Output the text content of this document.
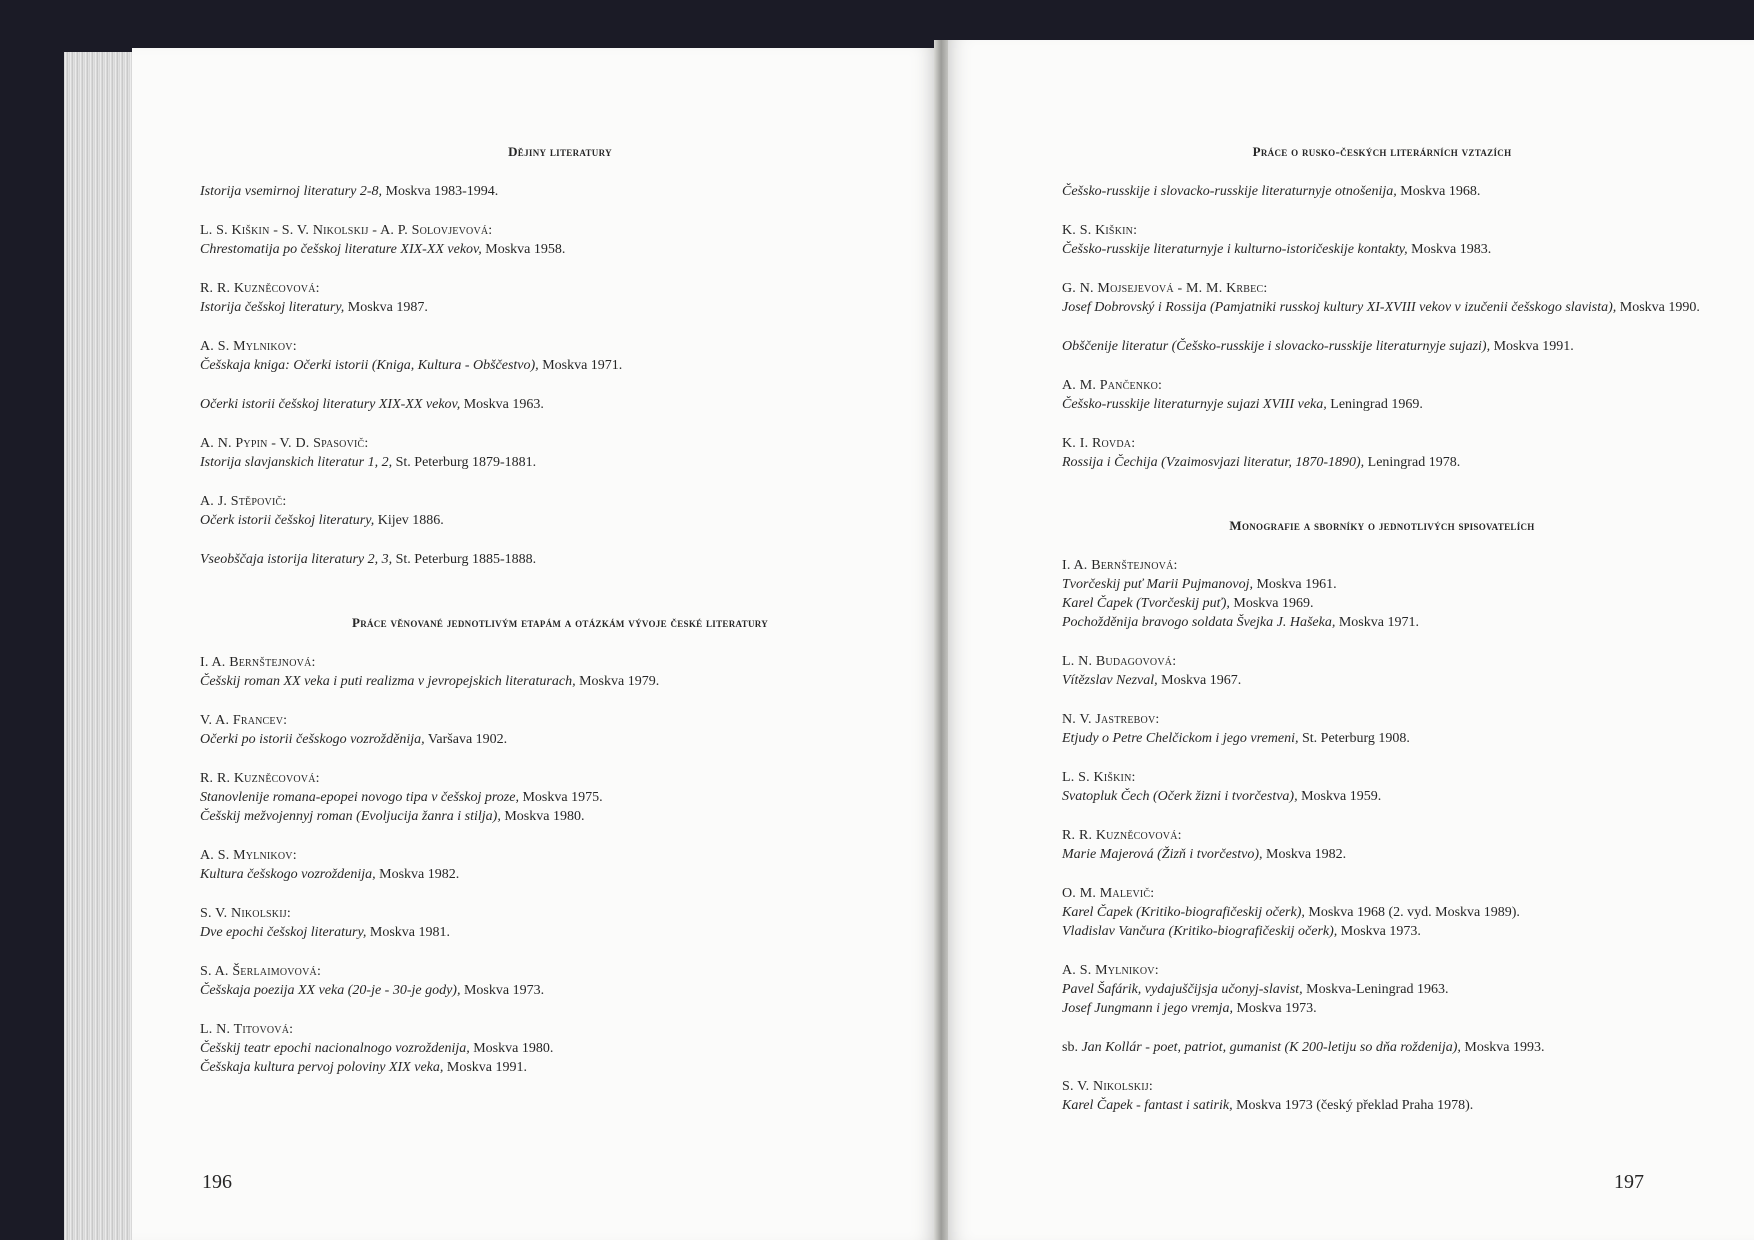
Dějiny literatury
Istorija vsemirnoj literatury 2-8, Moskva 1983-1994.
L. S. Kiškin - S. V. Nikolskij - A. P. Solovjevová:
Chrestomatija po češskoj literature XIX-XX vekov, Moskva 1958.
R. R. Kuzněcovová:
Istorija češskoj literatury, Moskva 1987.
A. S. Mylnikov:
Češskaja kniga: Očerki istorii (Kniga, Kultura - Obščestvo), Moskva 1971.
Očerki istorii češskoj literatury XIX-XX vekov, Moskva 1963.
A. N. Pypin - V. D. Spasovič:
Istorija slavjanskich literatur 1, 2, St. Peterburg 1879-1881.
A. J. Stěpovič:
Očerk istorii češskoj literatury, Kijev 1886.
Vseobščaja istorija literatury 2, 3, St. Peterburg 1885-1888.
Práce věnované jednotlivým etapám a otázkám vývoje české literatury
I. A. Bernštejnová:
Češskij roman XX veka i puti realizma v jevropejskich literaturach, Moskva 1979.
V. A. Francev:
Očerki po istorii češskogo vozrožděnija, Varšava 1902.
R. R. Kuzněcovová:
Stanovlenije romana-epopei novogo tipa v češskoj proze, Moskva 1975.
Češskij mežvojennyj roman (Evoljucija žanra i stilja), Moskva 1980.
A. S. Mylnikov:
Kultura češskogo vozroždenija, Moskva 1982.
S. V. Nikolskij:
Dve epochi češskoj literatury, Moskva 1981.
S. A. Šerlaimovová:
Češskaja poezija XX veka (20-je - 30-je gody), Moskva 1973.
L. N. Titovová:
Češskij teatr epochi nacionalnogo vozroždenija, Moskva 1980.
Češskaja kultura pervoj poloviny XIX veka, Moskva 1991.
196
Práce o rusko-českých literárních vztazích
Češsko-russkije i slovacko-russkije literaturnyje otnošenija, Moskva 1968.
K. S. Kiškin:
Češsko-russkije literaturnyje i kulturno-istoričeskije kontakty, Moskva 1983.
G. N. Mojsejevová - M. M. Krbec:
Josef Dobrovský i Rossija (Pamjatniki russkoj kultury XI-XVIII vekov v izučenii češskogo slavista), Moskva 1990.
Obščenije literatur (Češsko-russkije i slovacko-russkije literaturnyje sujazi), Moskva 1991.
A. M. Pančenko:
Češsko-russkije literaturnyje sujazi XVIII veka, Leningrad 1969.
K. I. Rovda:
Rossija i Čechija (Vzaimosvjazi literatur, 1870-1890), Leningrad 1978.
Monografie a sborníky o jednotlivých spisovatelích
I. A. Bernštejnová:
Tvorčeskij puť Marii Pujmanovoj, Moskva 1961.
Karel Čapek (Tvorčeskij puť), Moskva 1969.
Pochožděnija bravogo soldata Švejka J. Hašeka, Moskva 1971.
L. N. Budagovová:
Vítězslav Nezval, Moskva 1967.
N. V. Jastrebov:
Etjudy o Petre Chelčickom i jego vremeni, St. Peterburg 1908.
L. S. Kiškin:
Svatopluk Čech (Očerk žizni i tvorčestva), Moskva 1959.
R. R. Kuzněcovová:
Marie Majerová (Žizň i tvorčestvo), Moskva 1982.
O. M. Malevič:
Karel Čapek (Kritiko-biografičeskij očerk), Moskva 1968 (2. vyd. Moskva 1989).
Vladislav Vančura (Kritiko-biografičeskij očerk), Moskva 1973.
A. S. Mylnikov:
Pavel Šafárik, vydajuščijsja učonyj-slavist, Moskva-Leningrad 1963.
Josef Jungmann i jego vremja, Moskva 1973.
sb. Jan Kollár - poet, patriot, gumanist (K 200-letiju so dňa roždenija), Moskva 1993.
S. V. Nikolskij:
Karel Čapek - fantast i satirik, Moskva 1973 (český překlad Praha 1978).
197
